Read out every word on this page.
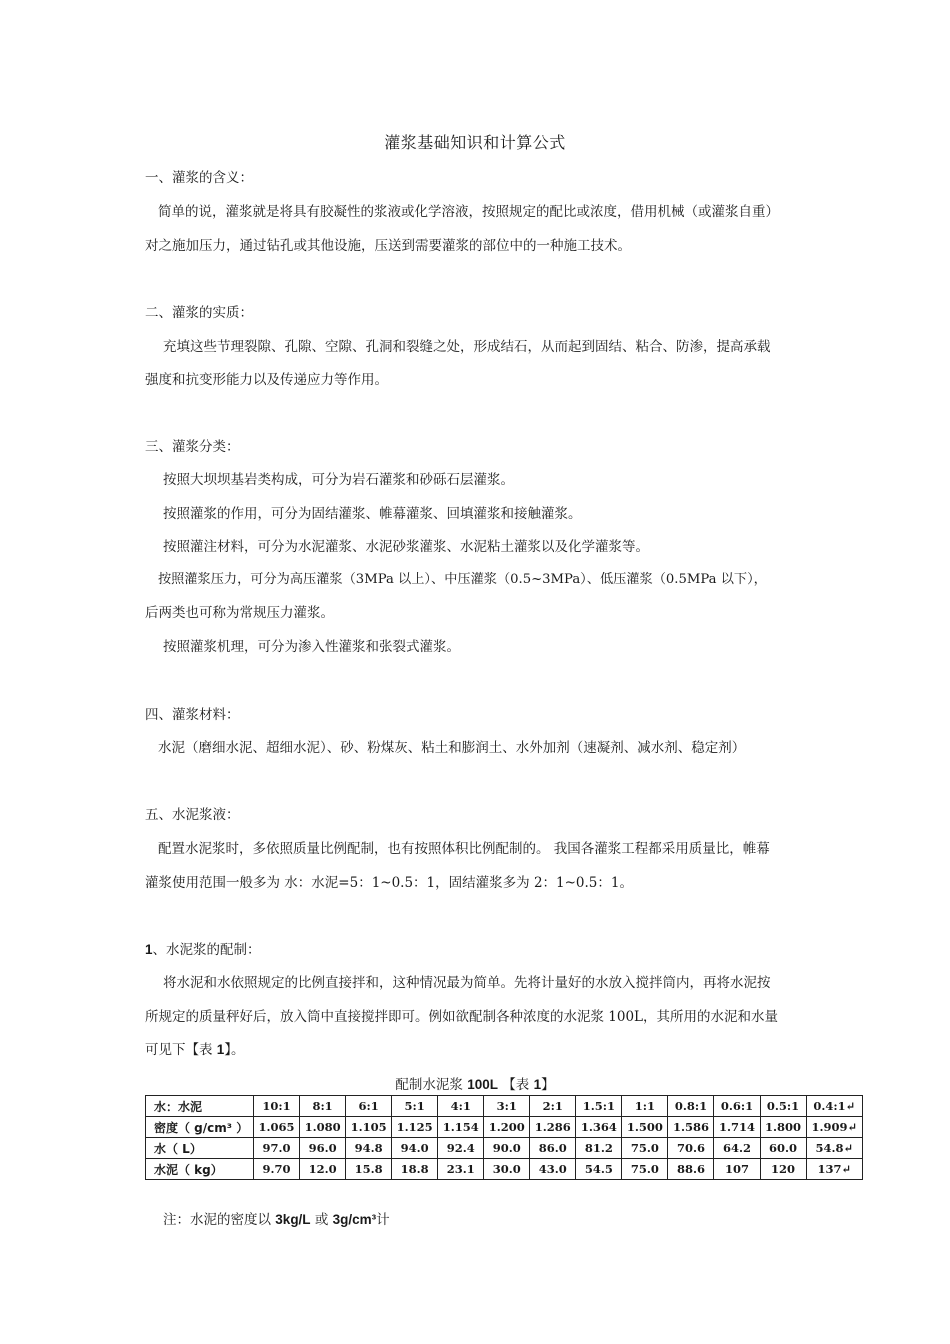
灌浆基础知识和计算公式
一、灌浆的含义：
简单的说，灌浆就是将具有胶凝性的浆液或化学溶液，按照规定的配比或浓度，借用机械（或灌浆自重）
对之施加压力，通过钻孔或其他设施，压送到需要灌浆的部位中的一种施工技术。
二、灌浆的实质：
充填这些节理裂隙、孔隙、空隙、孔洞和裂缝之处，形成结石，从而起到固结、粘合、防渗，提高承载
强度和抗变形能力以及传递应力等作用。
三、灌浆分类：
按照大坝坝基岩类构成，可分为岩石灌浆和砂砾石层灌浆。
按照灌浆的作用，可分为固结灌浆、帷幕灌浆、回填灌浆和接触灌浆。
按照灌注材料，可分为水泥灌浆、水泥砂浆灌浆、水泥粘土灌浆以及化学灌浆等。
按照灌浆压力，可分为高压灌浆（3MPa 以上）、中压灌浆（0.5~3MPa）、低压灌浆（0.5MPa 以下），
后两类也可称为常规压力灌浆。
按照灌浆机理，可分为渗入性灌浆和张裂式灌浆。
四、灌浆材料：
水泥（磨细水泥、超细水泥）、砂、粉煤灰、粘土和膨润土、水外加剂（速凝剂、减水剂、稳定剂）
五、水泥浆液：
配置水泥浆时，多依照质量比例配制，也有按照体积比例配制的。 我国各灌浆工程都采用质量比，帷幕
灌浆使用范围一般多为 水：水泥=5：1~0.5：1，固结灌浆多为 2：1~0.5：1。
1、水泥浆的配制：
将水泥和水依照规定的比例直接拌和，这种情况最为简单。先将计量好的水放入搅拌筒内，再将水泥按
所规定的质量秤好后，放入筒中直接搅拌即可。例如欲配制各种浓度的水泥浆 100L，其所用的水泥和水量
可见下【表 1】。
配制水泥浆 100L 【表 1】
水：水泥	10:1	8:1	6:1	5:1	4:1	3:1	2:1	1.5:1	1:1	0.8:1	0.6:1	0.5:1	0.4:1↵
密度（ g/cm³ ）	1.065	1.080	1.105	1.125	1.154	1.200	1.286	1.364	1.500	1.586	1.714	1.800	1.909↵
水（ L）	97.0	96.0	94.8	94.0	92.4	90.0	86.0	81.2	75.0	70.6	64.2	60.0	54.8↵
水泥（ kg）	9.70	12.0	15.8	18.8	23.1	30.0	43.0	54.5	75.0	88.6	107	120	137↵
注：水泥的密度以 3kg/L 或 3g/cm³计
